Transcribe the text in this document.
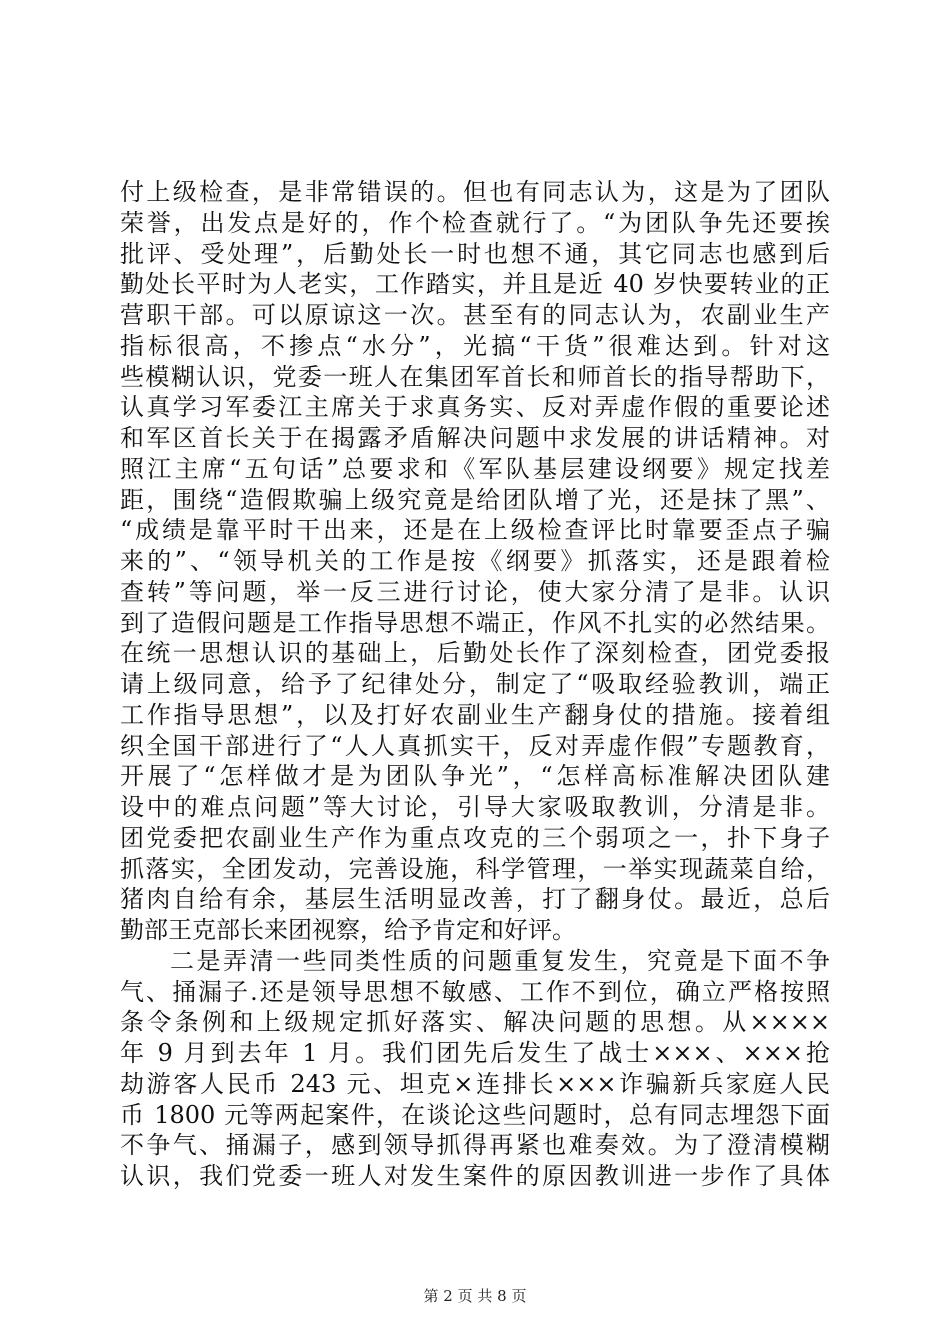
付上级检查，是非常错误的。但也有同志认为，这是为了团队
荣誉，出发点是好的，作个检查就行了。“为团队争先还要挨
批评、受处理”，后勤处长一时也想不通，其它同志也感到后
勤处长平时为人老实，工作踏实，并且是近 40 岁快要转业的正
营职干部。可以原谅这一次。甚至有的同志认为，农副业生产
指标很高，不掺点“水分”，光搞“干货”很难达到。针对这
些模糊认识，党委一班人在集团军首长和师首长的指导帮助下，
认真学习军委江主席关于求真务实、反对弄虚作假的重要论述
和军区首长关于在揭露矛盾解决问题中求发展的讲话精神。对
照江主席“五句话”总要求和《军队基层建设纲要》规定找差
距，围绕“造假欺骗上级究竟是给团队增了光，还是抹了黑”、
“成绩是靠平时干出来，还是在上级检查评比时靠要歪点子骗
来的”、“领导机关的工作是按《纲要》抓落实，还是跟着检
查转”等问题，举一反三进行讨论，使大家分清了是非。认识
到了造假问题是工作指导思想不端正，作风不扎实的必然结果。
在统一思想认识的基础上，后勤处长作了深刻检查，团党委报
请上级同意，给予了纪律处分，制定了“吸取经验教训，端正
工作指导思想”，以及打好农副业生产翻身仗的措施。接着组
织全国干部进行了“人人真抓实干，反对弄虚作假”专题教育，
开展了“怎样做才是为团队争光”，“怎样高标准解决团队建
设中的难点问题”等大讨论，引导大家吸取教训，分清是非。
团党委把农副业生产作为重点攻克的三个弱项之一，扑下身子
抓落实，全团发动，完善设施，科学管理，一举实现蔬菜自给，
猪肉自给有余，基层生活明显改善，打了翻身仗。最近，总后
勤部王克部长来团视察，给予肯定和好评。
二是弄清一些同类性质的问题重复发生，究竟是下面不争
气、捅漏子.还是领导思想不敏感、工作不到位，确立严格按照
条令条例和上级规定抓好落实、解决问题的思想。从××××
年 9 月到去年 1 月。我们团先后发生了战士×××、×××抢
劫游客人民币 243 元、坦克×连排长×××诈骗新兵家庭人民
币 1800 元等两起案件，在谈论这些问题时，总有同志埋怨下面
不争气、捅漏子，感到领导抓得再紧也难奏效。为了澄清模糊
认识，我们党委一班人对发生案件的原因教训进一步作了具体
第 2 页 共 8 页
